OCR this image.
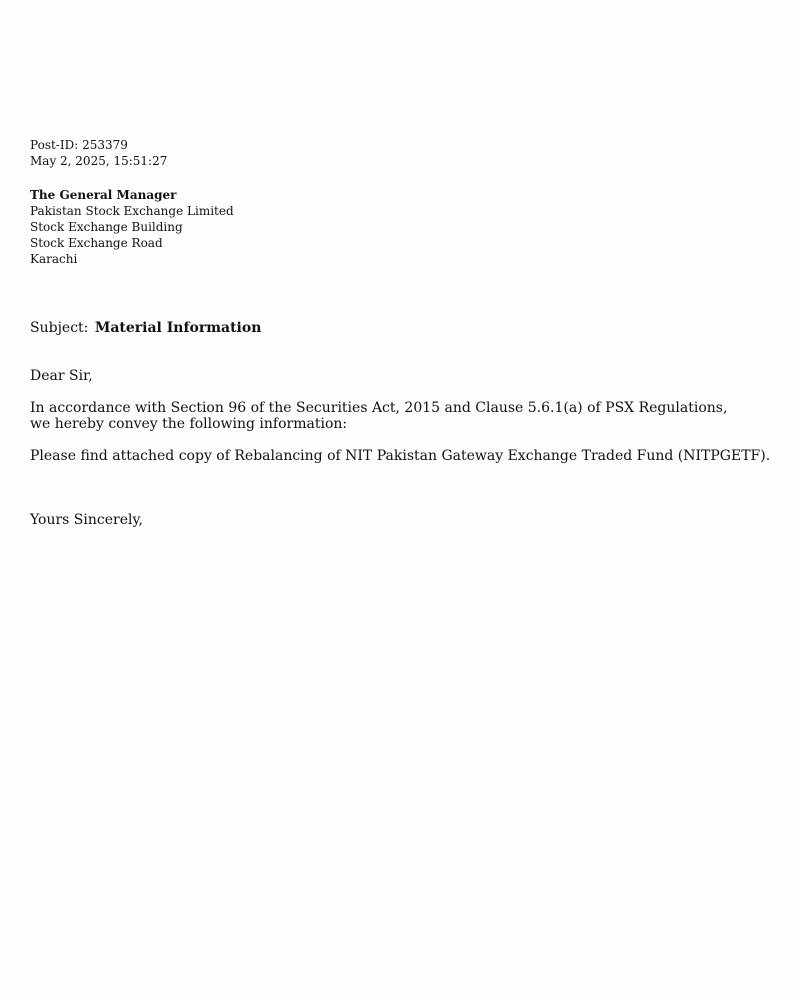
Post-ID: 253379
May 2, 2025, 15:51:27
The General Manager
Pakistan Stock Exchange Limited
Stock Exchange Building
Stock Exchange Road
Karachi
Subject: Material Information
Dear Sir,
In accordance with Section 96 of the Securities Act, 2015 and Clause 5.6.1(a) of PSX Regulations,
we hereby convey the following information:
Please find attached copy of Rebalancing of NIT Pakistan Gateway Exchange Traded Fund (NITPGETF).
Yours Sincerely,
